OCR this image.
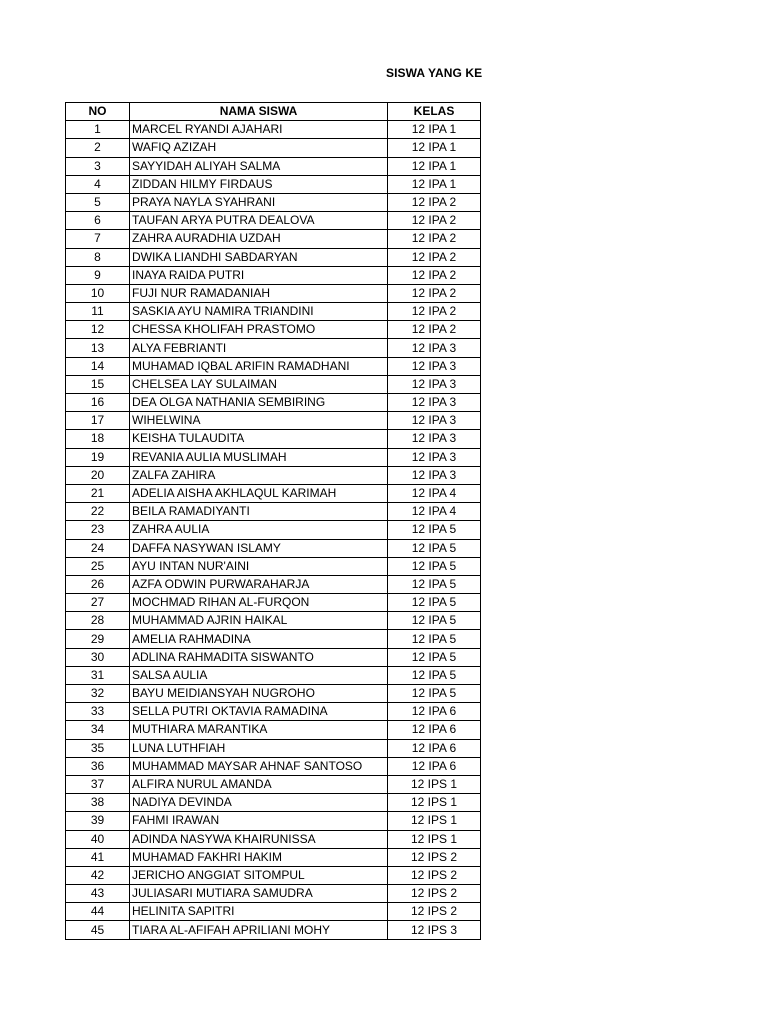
SISWA YANG KE
NO	NAMA SISWA	KELAS
1	MARCEL RYANDI AJAHARI	12 IPA 1
2	WAFIQ AZIZAH	12 IPA 1
3	SAYYIDAH ALIYAH SALMA	12 IPA 1
4	ZIDDAN HILMY FIRDAUS	12 IPA 1
5	PRAYA NAYLA SYAHRANI	12 IPA 2
6	TAUFAN ARYA PUTRA DEALOVA	12 IPA 2
7	ZAHRA AURADHIA UZDAH	12 IPA 2
8	DWIKA LIANDHI SABDARYAN	12 IPA 2
9	INAYA RAIDA PUTRI	12 IPA 2
10	FUJI NUR RAMADANIAH	12 IPA 2
11	SASKIA AYU NAMIRA TRIANDINI	12 IPA 2
12	CHESSA KHOLIFAH PRASTOMO	12 IPA 2
13	ALYA FEBRIANTI	12 IPA 3
14	MUHAMAD IQBAL ARIFIN RAMADHANI	12 IPA 3
15	CHELSEA LAY SULAIMAN	12 IPA 3
16	DEA OLGA NATHANIA SEMBIRING	12 IPA 3
17	WIHELWINA	12 IPA 3
18	KEISHA TULAUDITA	12 IPA 3
19	REVANIA AULIA MUSLIMAH	12 IPA 3
20	ZALFA ZAHIRA	12 IPA 3
21	ADELIA AISHA AKHLAQUL KARIMAH	12 IPA 4
22	BEILA RAMADIYANTI	12 IPA 4
23	ZAHRA AULIA	12 IPA 5
24	DAFFA NASYWAN ISLAMY	12 IPA 5
25	AYU INTAN NUR'AINI	12 IPA 5
26	AZFA ODWIN PURWARAHARJA	12 IPA 5
27	MOCHMAD RIHAN AL-FURQON	12 IPA 5
28	MUHAMMAD AJRIN HAIKAL	12 IPA 5
29	AMELIA RAHMADINA	12 IPA 5
30	ADLINA RAHMADITA SISWANTO	12 IPA 5
31	SALSA AULIA	12 IPA 5
32	BAYU MEIDIANSYAH NUGROHO	12 IPA 5
33	SELLA PUTRI OKTAVIA RAMADINA	12 IPA 6
34	MUTHIARA MARANTIKA	12 IPA 6
35	LUNA LUTHFIAH	12 IPA 6
36	MUHAMMAD MAYSAR AHNAF SANTOSO	12 IPA 6
37	ALFIRA NURUL AMANDA	12 IPS 1
38	NADIYA DEVINDA	12 IPS 1
39	FAHMI IRAWAN	12 IPS 1
40	ADINDA NASYWA KHAIRUNISSA	12 IPS 1
41	MUHAMAD FAKHRI HAKIM	12 IPS 2
42	JERICHO ANGGIAT SITOMPUL	12 IPS 2
43	JULIASARI MUTIARA SAMUDRA	12 IPS 2
44	HELINITA SAPITRI	12 IPS 2
45	TIARA AL-AFIFAH APRILIANI MOHY	12 IPS 3
